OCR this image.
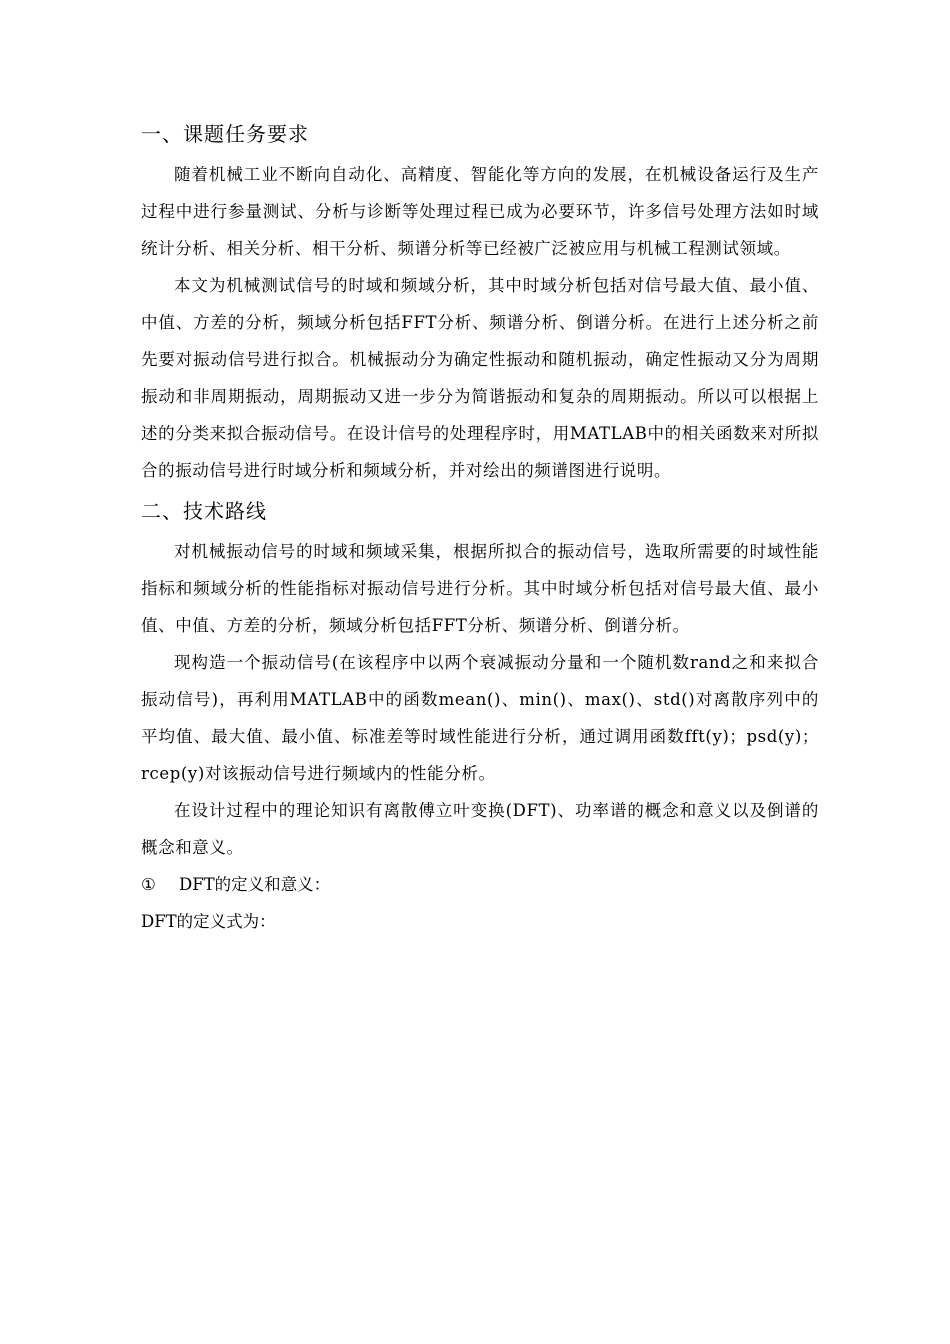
一、课题任务要求

随着机械工业不断向自动化、高精度、智能化等方向的发展，在机械设备运行及生产过程中进行参量测试、分析与诊断等处理过程已成为必要环节，许多信号处理方法如时域统计分析、相关分析、相干分析、频谱分析等已经被广泛被应用与机械工程测试领域。

本文为机械测试信号的时域和频域分析，其中时域分析包括对信号最大值、最小值、中值、方差的分析，频域分析包括FFT分析、频谱分析、倒谱分析。在进行上述分析之前先要对振动信号进行拟合。机械振动分为确定性振动和随机振动，确定性振动又分为周期振动和非周期振动，周期振动又进一步分为简谐振动和复杂的周期振动。所以可以根据上述的分类来拟合振动信号。在设计信号的处理程序时，用MATLAB中的相关函数来对所拟合的振动信号进行时域分析和频域分析，并对绘出的频谱图进行说明。

二、技术路线

对机械振动信号的时域和频域采集，根据所拟合的振动信号，选取所需要的时域性能指标和频域分析的性能指标对振动信号进行分析。其中时域分析包括对信号最大值、最小值、中值、方差的分析，频域分析包括FFT分析、频谱分析、倒谱分析。

现构造一个振动信号(在该程序中以两个衰减振动分量和一个随机数rand之和来拟合振动信号)，再利用MATLAB中的函数mean()、min()、max()、std()对离散序列中的平均值、最大值、最小值、标准差等时域性能进行分析，通过调用函数fft(y)；psd(y)；rcep(y)对该振动信号进行频域内的性能分析。

在设计过程中的理论知识有离散傅立叶变换(DFT)、功率谱的概念和意义以及倒谱的概念和意义。

① DFT的定义和意义：

DFT的定义式为：
